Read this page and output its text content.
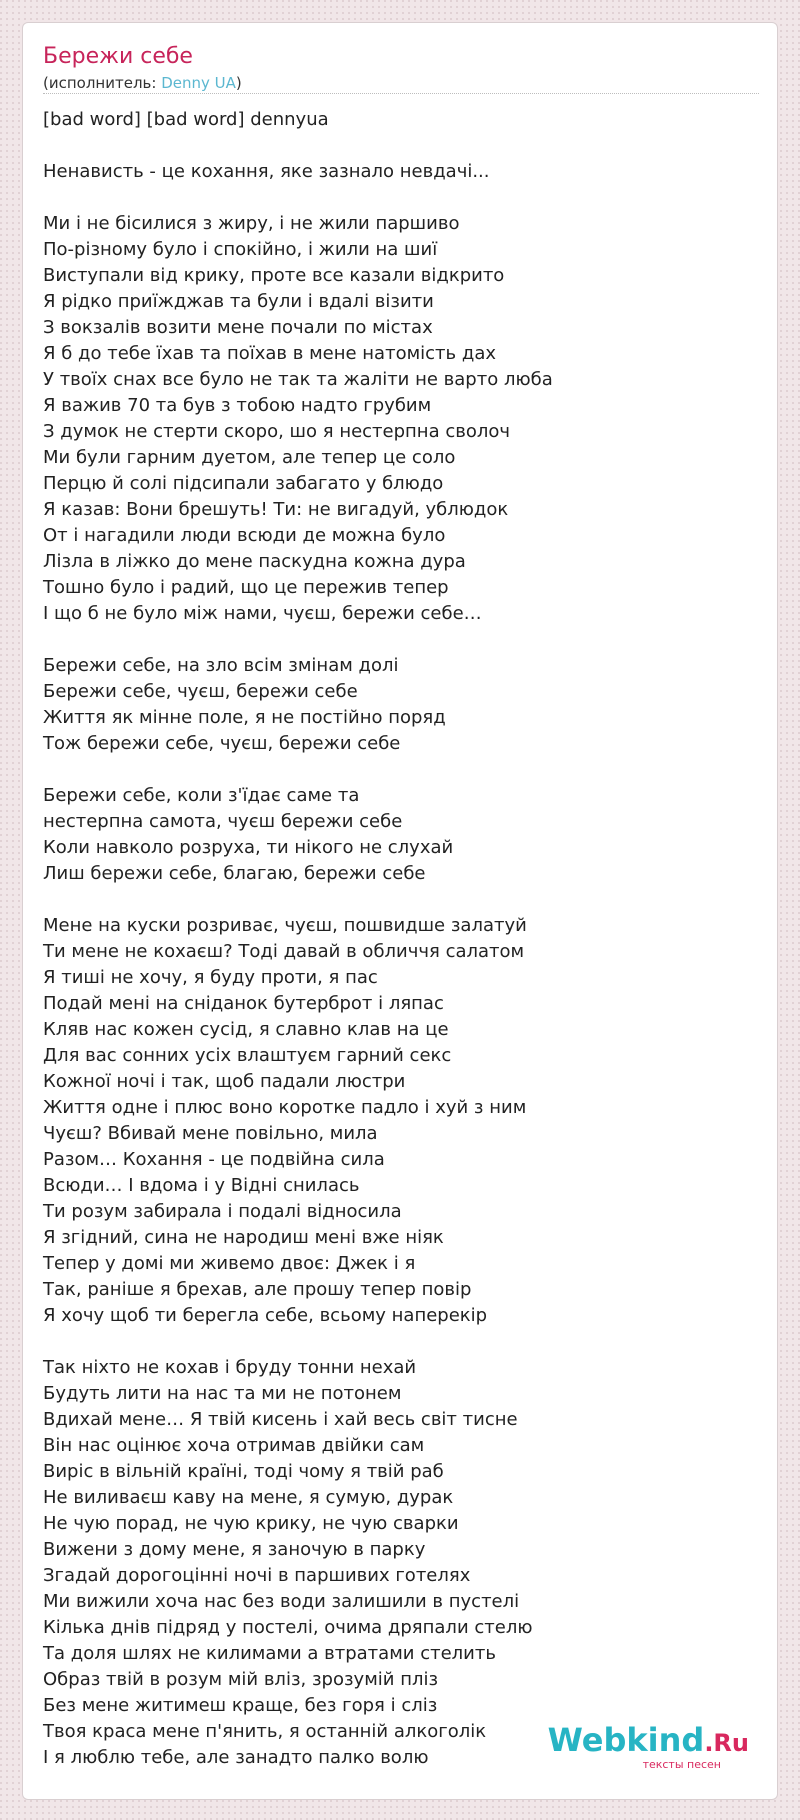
Бережи себе
(исполнитель: Denny UA)
[bad word] [bad word] dennyua
Ненависть - це кохання, яке зазнало невдачі...
Ми і не бісилися з жиру, і не жили паршиво
По-різному було і спокійно, і жили на шиї
Виступали від крику, проте все казали відкрито
Я рідко приїжджав та були і вдалі візити
З вокзалів возити мене почали по містах
Я б до тебе їхав та поїхав в мене натомість дах
У твоїх снах все було не так та жаліти не варто люба
Я важив 70 та був з тобою надто грубим
З думок не стерти скоро, шо я нестерпна сволоч
Ми були гарним дуетом, але тепер це соло
Перцю й солі підсипали забагато у блюдо
Я казав: Вони брешуть! Ти: не вигадуй, ублюдок
От і нагадили люди всюди де можна було
Лізла в ліжко до мене паскудна кожна дура
Тошно було і радий, що це пережив тепер
І що б не було між нами, чуєш, бережи себе…
Бережи себе, на зло всім змінам долі
Бережи себе, чуєш, бережи себе
Життя як мінне поле, я не постійно поряд
Тож бережи себе, чуєш, бережи себе
Бережи себе, коли з'їдає саме та
нестерпна самота, чуєш бережи себе
Коли навколо розруха, ти нікого не слухай
Лиш бережи себе, благаю, бережи себе
Мене на куски розриває, чуєш, пошвидше залатуй
Ти мене не кохаєш? Тоді давай в обличчя салатом
Я тиші не хочу, я буду проти, я пас
Подай мені на сніданок бутерброт і ляпас
Кляв нас кожен сусід, я славно клав на це
Для вас сонних усіх влаштуєм гарний секс
Кожної ночі і так, щоб падали люстри
Життя одне і плюс воно коротке падло і хуй з ним
Чуєш? Вбивай мене повільно, мила
Разом… Кохання - це подвійна сила
Всюди… І вдома і у Відні снилась
Ти розум забирала і подалі відносила
Я згідний, сина не народиш мені вже ніяк
Тепер у домі ми живемо двоє: Джек і я
Так, раніше я брехав, але прошу тепер повір
Я хочу щоб ти берегла себе, всьому наперекір
Так ніхто не кохав і бруду тонни нехай
Будуть лити на нас та ми не потонем
Вдихай мене… Я твій кисень і хай весь світ тисне
Він нас оцінює хоча отримав двійки сам
Виріс в вільній країні, тоді чому я твій раб
Не виливаєш каву на мене, я сумую, дурак
Не чую порад, не чую крику, не чую сварки
Вижени з дому мене, я заночую в парку
Згадай дорогоцінні ночі в паршивих готелях
Ми вижили хоча нас без води залишили в пустелі
Кілька днів підряд у постелі, очима дряпали стелю
Та доля шлях не килимами а втратами стелить
Образ твій в розум мій вліз, зрозумій пліз
Без мене житимеш краще, без горя і сліз
Твоя краса мене п'янить, я останній алкоголік
І я люблю тебе, але занадто палко волю	Webkind.Ru
тексты песен
